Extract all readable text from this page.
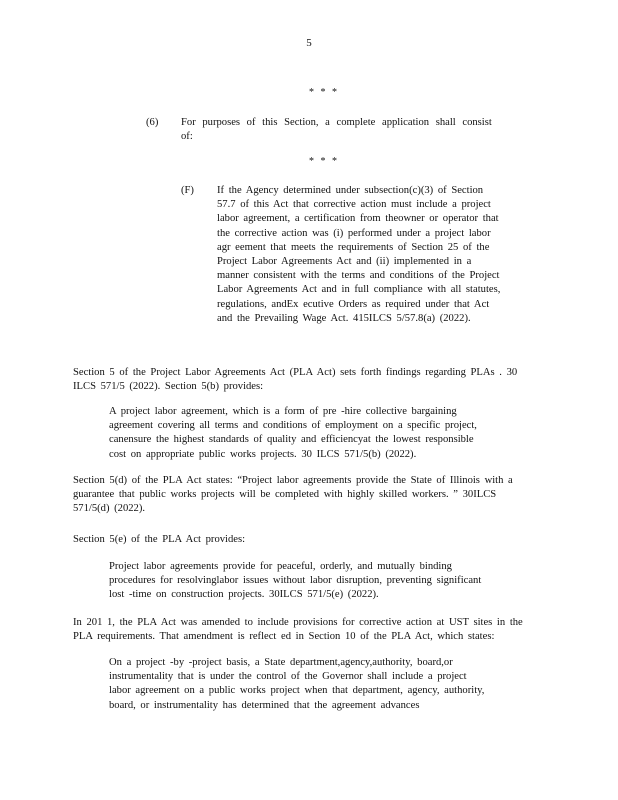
5
* * *
(6) For purposes of this Section, a complete application shall consist of:
* * *
(F) If the Agency determined under subsection(c)(3) of Section 57.7 of this Act that corrective action must include a project labor agreement, a certification from theowner or operator that the corrective action was (i) performed under a project labor agr eement that meets the requirements of Section 25 of the Project Labor Agreements Act and (ii) implemented in a manner consistent with the terms and conditions of the Project Labor Agreements Act and in full compliance with all statutes, regulations, andEx ecutive Orders as required under that Act and the Prevailing Wage Act. 415ILCS 5/57.8(a) (2022).
Section 5 of the Project Labor Agreements Act (PLA Act) sets forth findings regarding PLAs . 30 ILCS 571/5 (2022). Section 5(b) provides:
A project labor agreement, which is a form of pre -hire collective bargaining agreement covering all terms and conditions of employment on a specific project, canensure the highest standards of quality and efficiencyat the lowest responsible cost on appropriate public works projects. 30 ILCS 571/5(b) (2022).
Section 5(d) of the PLA Act states: “Project labor agreements provide the State of Illinois with a guarantee that public works projects will be completed with highly skilled workers. ” 30ILCS 571/5(d) (2022).
Section 5(e) of the PLA Act provides:
Project labor agreements provide for peaceful, orderly, and mutually binding procedures for resolvinglabor issues without labor disruption, preventing significant lost -time on construction projects. 30ILCS 571/5(e) (2022).
In 201 1, the PLA Act was amended to include provisions for corrective action at UST sites in the PLA requirements. That amendment is reflect ed in Section 10 of the PLA Act, which states:
On a project -by -project basis, a State department,agency,authority, board,or instrumentality that is under the control of the Governor shall include a project labor agreement on a public works project when that department, agency, authority, board, or instrumentality has determined that the agreement advances
